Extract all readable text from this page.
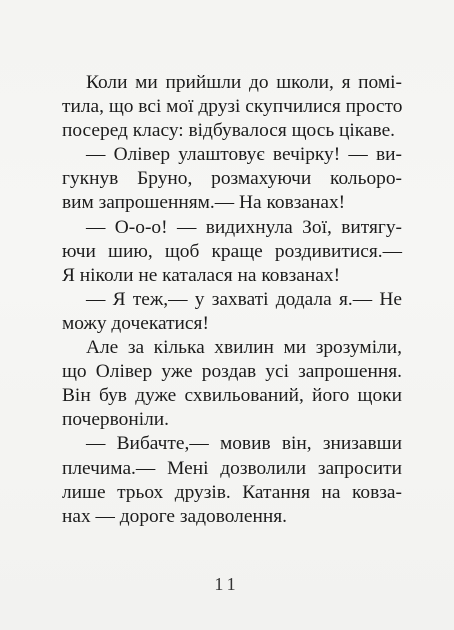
Коли ми прийшли до школи, я помі-
тила, що всі мої друзі скупчилися просто
посеред класу: відбувалося щось цікаве.
— Олівер улаштовує вечірку! — ви-
гукнув Бруно, розмахуючи кольоро-
вим запрошенням.— На ковзанах!
— О-о-о! — видихнула Зої, витягу-
ючи шию, щоб краще роздивитися.—
Я ніколи не каталася на ковзанах!
— Я теж,— у захваті додала я.— Не
можу дочекатися!
Але за кілька хвилин ми зрозуміли,
що Олівер уже роздав усі запрошення.
Він був дуже схвильований, його щоки
почервоніли.
— Вибачте,— мовив він, знизавши
плечима.— Мені дозволили запросити
лише трьох друзів. Катання на ковза-
нах — дороге задоволення.
11
